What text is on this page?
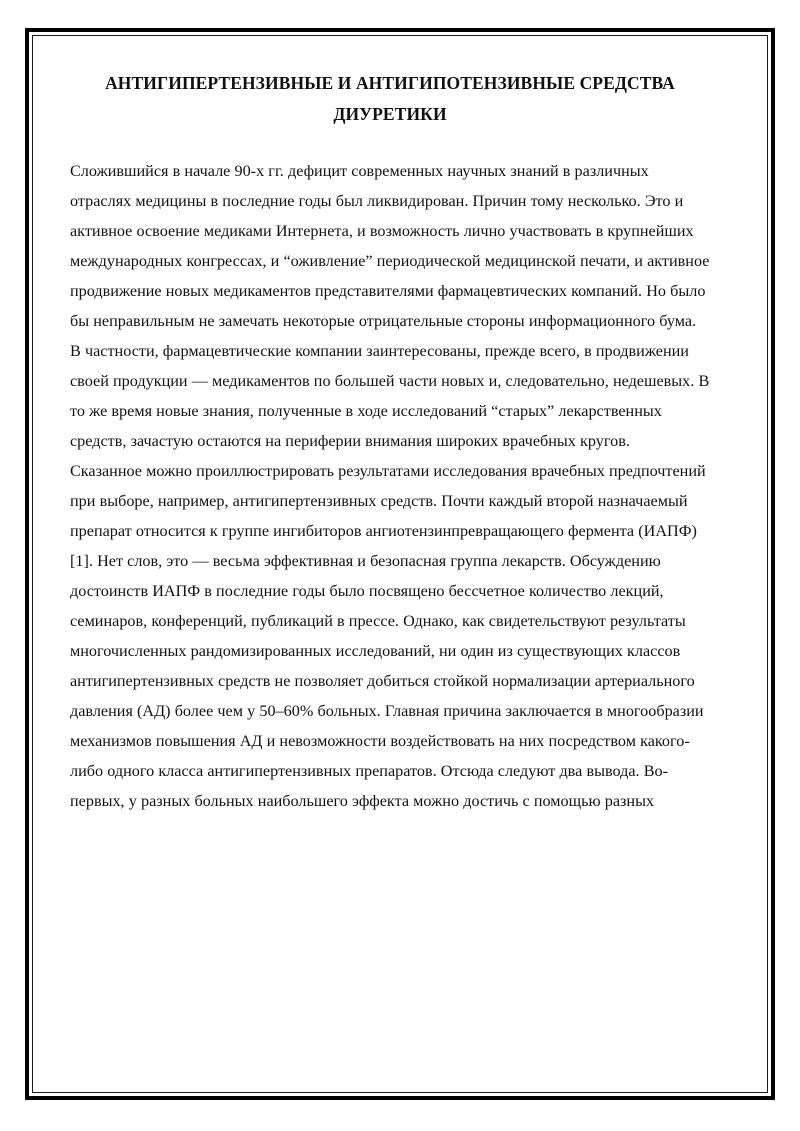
АНТИГИПЕРТЕНЗИВНЫЕ И АНТИГИПОТЕНЗИВНЫЕ СРЕДСТВА
ДИУРЕТИКИ

Сложившийся в начале 90-х гг. дефицит современных научных знаний в различных отраслях медицины в последние годы был ликвидирован. Причин тому несколько. Это и активное освоение медиками Интернета, и возможность лично участвовать в крупнейших международных конгрессах, и “оживление” периодической медицинской печати, и активное продвижение новых медикаментов представителями фармацевтических компаний. Но было бы неправильным не замечать некоторые отрицательные стороны информационного бума. В частности, фармацевтические компании заинтересованы, прежде всего, в продвижении своей продукции — медикаментов по большей части новых и, следовательно, недешевых. В то же время новые знания, полученные в ходе исследований “старых” лекарственных средств, зачастую остаются на периферии внимания широких врачебных кругов.

Сказанное можно проиллюстрировать результатами исследования врачебных предпочтений при выборе, например, антигипертензивных средств. Почти каждый второй назначаемый препарат относится к группе ингибиторов ангиотензинпревращающего фермента (ИАПФ) [1]. Нет слов, это — весьма эффективная и безопасная группа лекарств. Обсуждению достоинств ИАПФ в последние годы было посвящено бессчетное количество лекций, семинаров, конференций, публикаций в прессе. Однако, как свидетельствуют результаты многочисленных рандомизированных исследований, ни один из существующих классов антигипертензивных средств не позволяет добиться стойкой нормализации артериального давления (АД) более чем у 50–60% больных. Главная причина заключается в многообразии механизмов повышения АД и невозможности воздействовать на них посредством какого-либо одного класса антигипертензивных препаратов. Отсюда следуют два вывода. Во-первых, у разных больных наибольшего эффекта можно достичь с помощью разных
